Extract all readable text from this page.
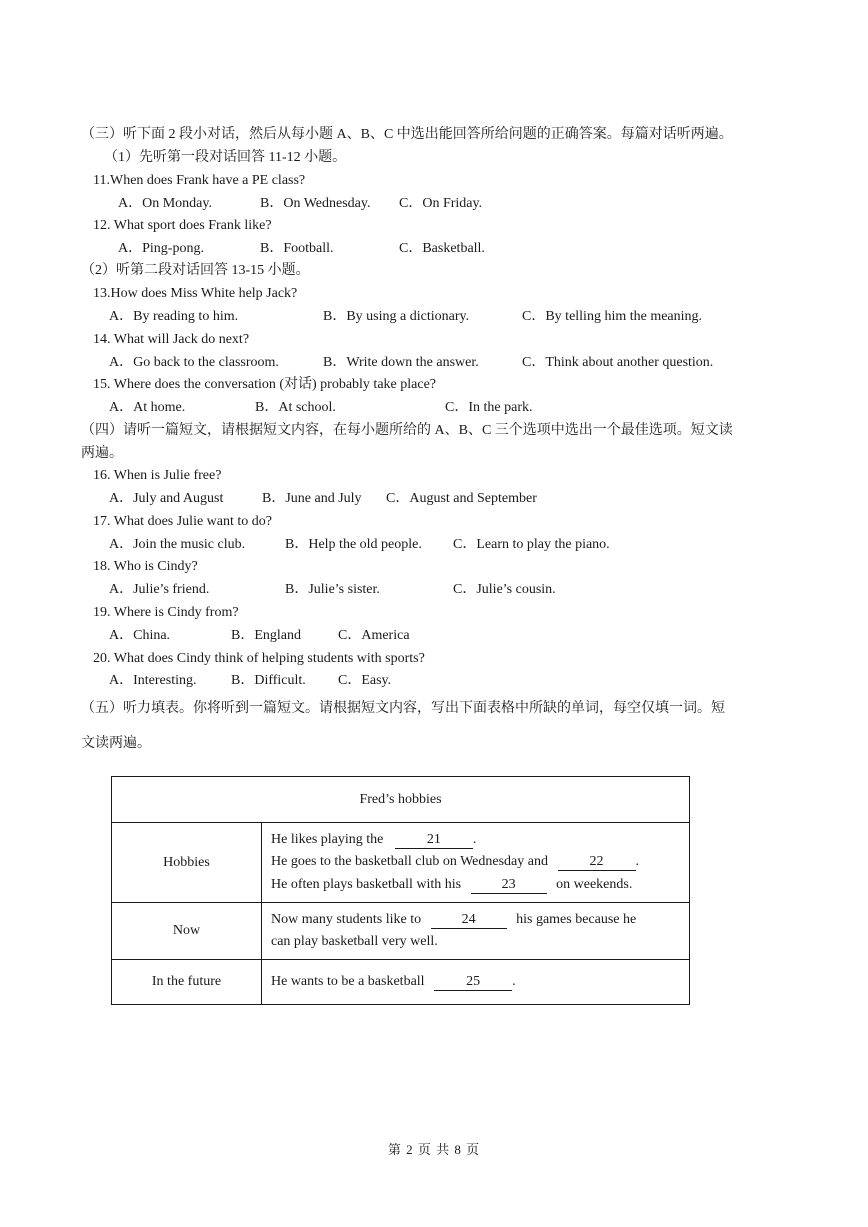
（三）听下面 2 段小对话，然后从每小题 A、B、C 中选出能回答所给问题的正确答案。每篇对话听两遍。
（1）先听第一段对话回答 11-12 小题。
11.When does Frank have a PE class?
A．On Monday.	B．On Wednesday. C．On Friday.
12. What sport does Frank like?
A．Ping-pong.	B．Football.	C．Basketball.
（2）听第二段对话回答 13-15 小题。
13.How does Miss White help Jack?
A．By reading to him.	B．By using a dictionary.	C．By telling him the meaning.
14. What will Jack do next?
A．Go back to the classroom.	B．Write down the answer.	C．Think about another question.
15. Where does the conversation (对话) probably take place?
A．At home.	B．At school.	C．In the park.
（四）请听一篇短文，请根据短文内容，在每小题所给的 A、B、C 三个选项中选出一个最佳选项。短文读
两遍。
16. When is Julie free?
A．July and August	B．June and July C．August and September
17. What does Julie want to do?
A．Join the music club.	B．Help the old people. C．Learn to play the piano.
18. Who is Cindy?
A．Julie’s friend.	B．Julie’s sister.	C．Julie’s cousin.
19. Where is Cindy from?
A．China.	B．England	C．America
20. What does Cindy think of helping students with sports?
A．Interesting. B．Difficult. C．Easy.
（五）听力填表。你将听到一篇短文。请根据短文内容，写出下面表格中所缺的单词，每空仅填一词。短
文读两遍。
Fred’s hobbies	
Hobbies	He likes playing the 21 .
He goes to the basketball club on Wednesday and 22 .
He often plays basketball with his 23 on weekends.

Now	Now many students like to 24 his games because he
can play basketball very well.

In the future	He wants to be a basketball 25 .
第 2 页 共 8 页
